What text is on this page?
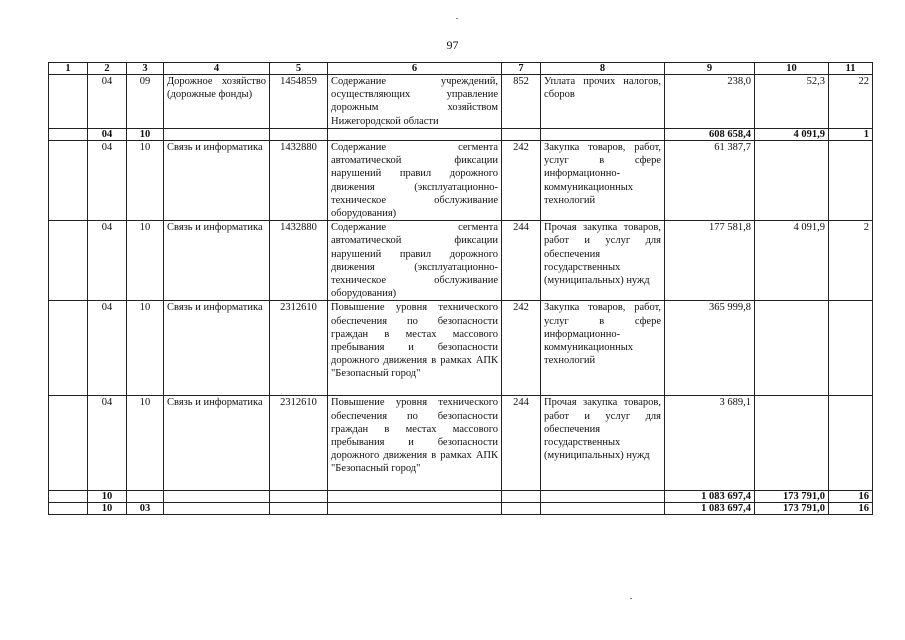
97
1	2	3	4	5	6	7	8	9	10	11
	04	09	Дорожное хозяйство (дорожные фонды)	1454859	Содержание учреждений, осуществляющих управление дорожным хозяйством Нижегородской области	852	Уплата прочих налогов, сборов	238,0	52,3	22
	04	10						608 658,4	4 091,9	1
	04	10	Связь и информатика	1432880	Содержание сегмента автоматической фиксации нарушений правил дорожного движения (эксплуатационно-техническое обслуживание оборудования)	242	Закупка товаров, работ, услуг в сфере информационно-коммуникационных технологий	61 387,7		
	04	10	Связь и информатика	1432880	Содержание сегмента автоматической фиксации нарушений правил дорожного движения (эксплуатационно-техническое обслуживание оборудования)	244	Прочая закупка товаров, работ и услуг для обеспечения государственных (муниципальных) нужд	177 581,8	4 091,9	2
	04	10	Связь и информатика	2312610	Повышение уровня технического обеспечения по безопасности граждан в местах массового пребывания и безопасности дорожного движения в рамках АПК "Безопасный город"	242	Закупка товаров, работ, услуг в сфере информационно-коммуникационных технологий	365 999,8		
	04	10	Связь и информатика	2312610	Повышение уровня технического обеспечения по безопасности граждан в местах массового пребывания и безопасности дорожного движения в рамках АПК "Безопасный город"	244	Прочая закупка товаров, работ и услуг для обеспечения государственных (муниципальных) нужд	3 689,1		
	10							1 083 697,4	173 791,0	16
	10	03						1 083 697,4	173 791,0	16
